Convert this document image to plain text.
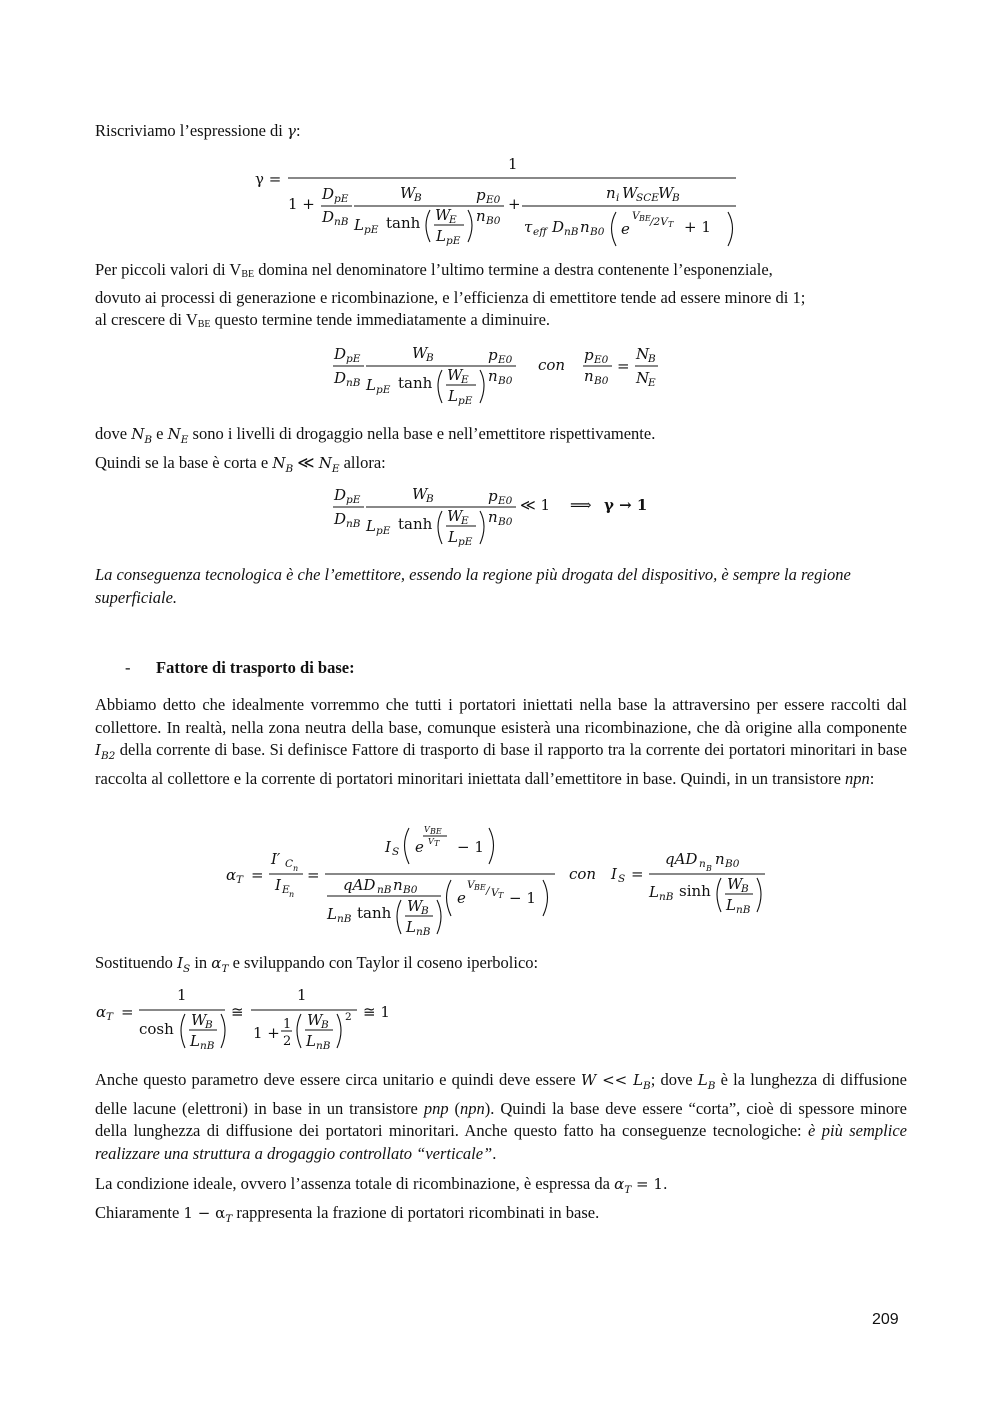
Riscriviamo l’espressione di γ:
γ =
1
1 +
D pE
D nB
W
B
L pE tanh W
E
L pE
p E0
n B0
+
n i W
SCE W
B
τ eff D nB n B0 e
V BE /2V T + 1
Per piccoli valori di VBE domina nel denominatore l’ultimo termine a destra contenente l’esponenziale,
dovuto ai processi di generazione e ricombinazione, e l’efficienza di emettitore tende ad essere minore di 1;
al crescere di VBE questo termine tende immediatamente a diminuire.
D pE
D nB
W
B
L pE tanh W
E
L pE
p E0
n B0
con
p E0
n B0
=
N
B
N
E
dove $N_B$ e $N_E$ sono i livelli di drogaggio nella base e nell’emettitore rispettivamente.
Quindi se la base è corta e $N_B$ ≪ $N_E$ allora:
D pE
D nB
W
B
L pE tanh W
E
L pE
p E0
n B0
≪ 1 ⟹ γ → 1
La conseguenza tecnologica è che l’emettitore, essendo la regione più drogata del dispositivo, è sempre la regione superficiale.
- Fattore di trasporto di base:
Abbiamo detto che idealmente vorremmo che tutti i portatori iniettati nella base la attraversino per essere raccolti dal collettore. In realtà, nella zona neutra della base, comunque esisterà una ricombinazione, che dà origine alla componente $I_{B2}$ della corrente di base. Si definisce Fattore di trasporto di base il rapporto tra la corrente dei portatori minoritari in base raccolta al collettore e la corrente di portatori minoritari iniettata dall’emettitore in base. Quindi, in un transistore npn:
α T =
I′ C n
I E n
=
I S e
V BE
V T − 1
qAD nB n B0
L nB tanh W
B
L nB
e
V BE / V T − 1
con I S =
qAD n B
n B0
L nB sinh W
B
L nB
Sostituendo $I_S$ in $\alpha_T$ e sviluppando con Taylor il coseno iperbolico:
α T =
1
cosh W
B
L nB
≅
1
1 + 1
2
W
B
L nB
2 ≅ 1
Anche questo parametro deve essere circa unitario e quindi deve essere $W << L_B$; dove $L_B$ è la lunghezza di diffusione delle lacune (elettroni) in base in un transistore pnp (npn). Quindi la base deve essere “corta”, cioè di spessore minore della lunghezza di diffusione dei portatori minoritari. Anche questo fatto ha conseguenze tecnologiche: è più semplice realizzare una struttura a drogaggio controllato “verticale”.
La condizione ideale, ovvero l’assenza totale di ricombinazione, è espressa da $\alpha_T = 1$.
Chiaramente $1 - \alpha_T$ rappresenta la frazione di portatori ricombinati in base.
209
